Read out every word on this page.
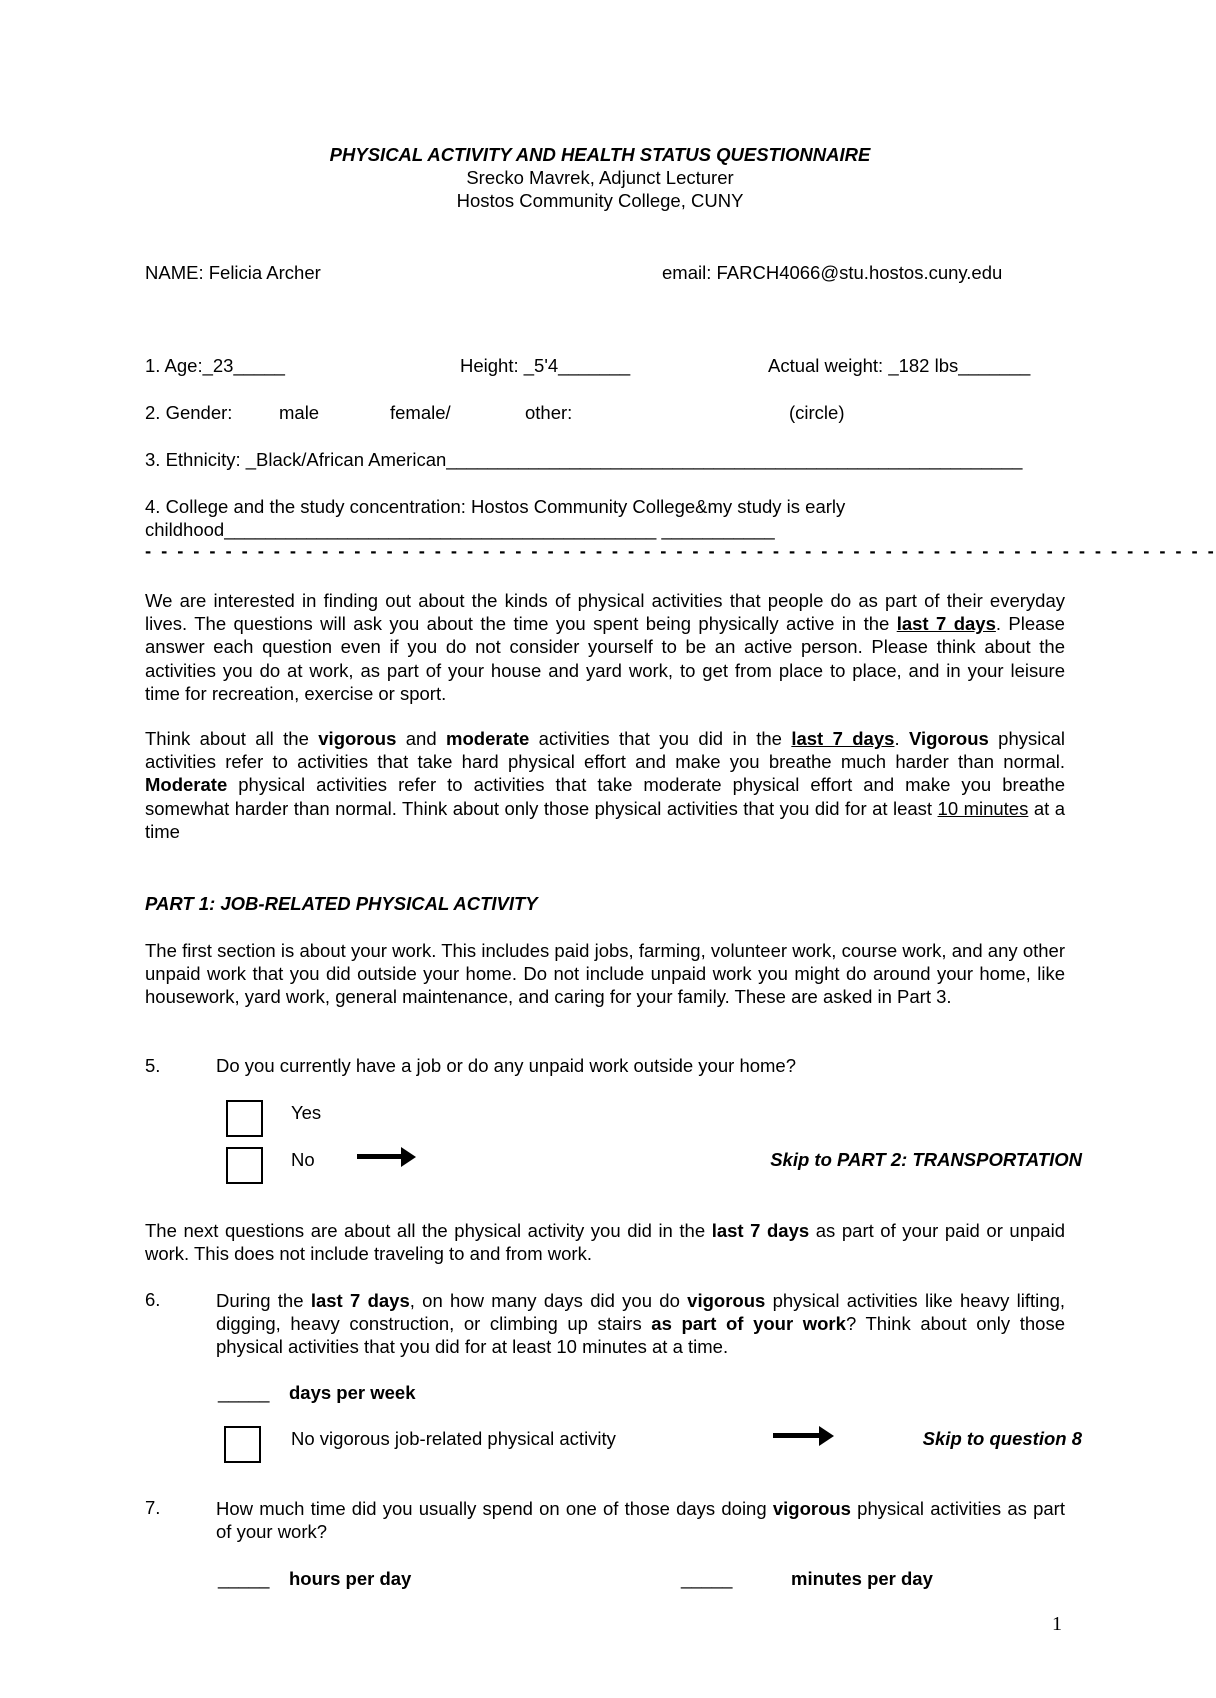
PHYSICAL ACTIVITY AND HEALTH STATUS QUESTIONNAIRE
Srecko Mavrek, Adjunct Lecturer
Hostos Community College, CUNY
NAME: Felicia Archer	email: FARCH4066@stu.hostos.cuny.edu
1. Age:_23_____	Height: _5'4_______	Actual weight: _182 lbs_______
2. Gender:	male	female/	other:	(circle)
3. Ethnicity: _Black/African American________________________________________________________
4. College and the study concentration: Hostos Community College&my study is early
childhood__________________________________________ ___________
- - - - - - - - - - - - - - - - - - - - - - - - - - - - - - - - - - - - - - - - - - - - - - - - - - - - - - - - - - - - - - - - - - -
We are interested in finding out about the kinds of physical activities that people do as part of their everyday lives. The questions will ask you about the time you spent being physically active in the last 7 days. Please answer each question even if you do not consider yourself to be an active person. Please think about the activities you do at work, as part of your house and yard work, to get from place to place, and in your leisure time for recreation, exercise or sport.
Think about all the vigorous and moderate activities that you did in the last 7 days. Vigorous physical activities refer to activities that take hard physical effort and make you breathe much harder than normal. Moderate physical activities refer to activities that take moderate physical effort and make you breathe somewhat harder than normal. Think about only those physical activities that you did for at least 10 minutes at a time
PART 1: JOB-RELATED PHYSICAL ACTIVITY
The first section is about your work. This includes paid jobs, farming, volunteer work, course work, and any other unpaid work that you did outside your home. Do not include unpaid work you might do around your home, like housework, yard work, general maintenance, and caring for your family. These are asked in Part 3.
5.	Do you currently have a job or do any unpaid work outside your home?
Yes
No	Skip to PART 2: TRANSPORTATION
The next questions are about all the physical activity you did in the last 7 days as part of your paid or unpaid work. This does not include traveling to and from work.
6.	During the last 7 days, on how many days did you do vigorous physical activities like heavy lifting, digging, heavy construction, or climbing up stairs as part of your work? Think about only those physical activities that you did for at least 10 minutes at a time.
_____ days per week
No vigorous job-related physical activity	Skip to question 8
7.	How much time did you usually spend on one of those days doing vigorous physical activities as part of your work?
_____ hours per day	_____	minutes per day
1
